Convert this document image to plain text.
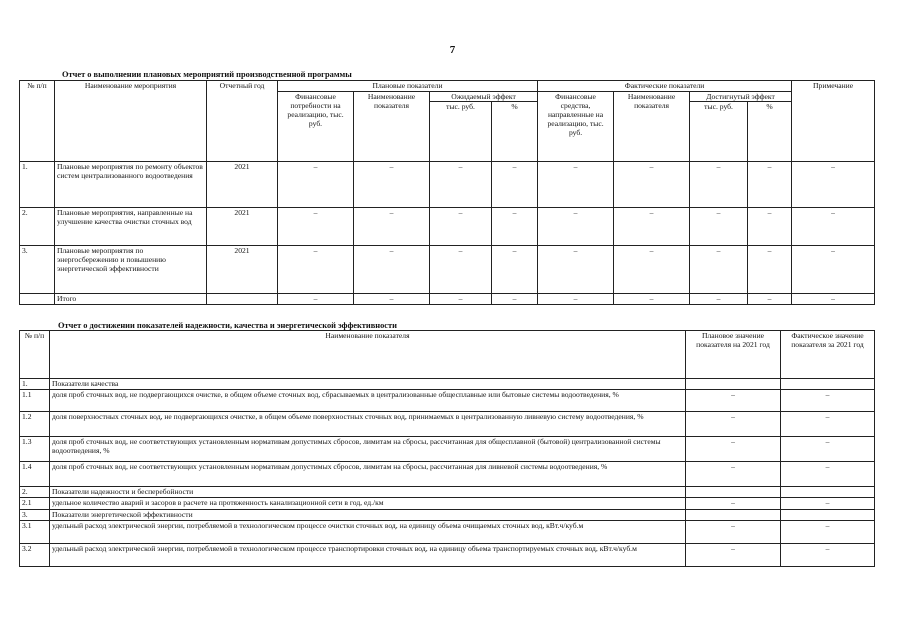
7
Отчет о выполнении плановых мероприятий производственной программы
№ п/п	Наименование мероприятия	Отчетный год	Плановые показатели				Фактические показатели				Примечание
			Финансовые потребности на реализацию, тыс. руб.	Наименование показателя	Ожидаемый эффект		Финансовые средства, направленные на реализацию, тыс. руб.	Наименование показателя	Достигнутый эффект		
					тыс. руб.	%			тыс. руб.	%	
1.	Плановые мероприятия по ремонту объектов систем централизованного водоотведения	2021	–	–	–	–	–	–	–	–	–
2.	Плановые мероприятия, направленные на улучшение качества очистки сточных вод	2021	–	–	–	–	–	–	–	–	–
3.	Плановые мероприятия по энергосбережению и повышению энергетической эффективности	2021	–	–	–	–	–	–	–	–	–
	Итого		–	–	–	–	–	–	–	–	–
Отчет о достижении показателей надежности, качества и энергетической эффективности
№ п/п	Наименование показателя	Плановое значение показателя на 2021 год	Фактическое значение показателя за 2021 год
1.	Показатели качества		
1.1	доля проб сточных вод, не подвергающихся очистке, в общем объеме сточных вод, сбрасываемых в централизованные общесплавные или бытовые системы водоотведения, %	–	–
1.2	доля поверхностных сточных вод, не подвергающихся очистке, в общем объеме поверхностных сточных вод, принимаемых в централизованную ливневую систему водоотведения, %	–	–
1.3	доля проб сточных вод, не соответствующих установленным нормативам допустимых сбросов, лимитам на сбросы, рассчитанная для общесплавной (бытовой) централизованной системы водоотведения, %	–	–
1.4	доля проб сточных вод, не соответствующих установленным нормативам допустимых сбросов, лимитам на сбросы, рассчитанная для ливневой системы водоотведения, %	–	–
2.	Показатели надежности и бесперебойности		
2.1	удельное количество аварий и засоров в расчете на протяженность канализационной сети в год, ед./км	–	–
3.	Показатели энергетической эффективности		
3.1	удельный расход электрической энергии, потребляемой в технологическом процессе очистки сточных вод, на единицу объема очищаемых сточных вод, кВт.ч/куб.м	–	–
3.2	удельный расход электрической энергии, потребляемой в технологическом процессе транспортировки сточных вод, на единицу объема транспортируемых сточных вод, кВт.ч/куб.м	–	–
